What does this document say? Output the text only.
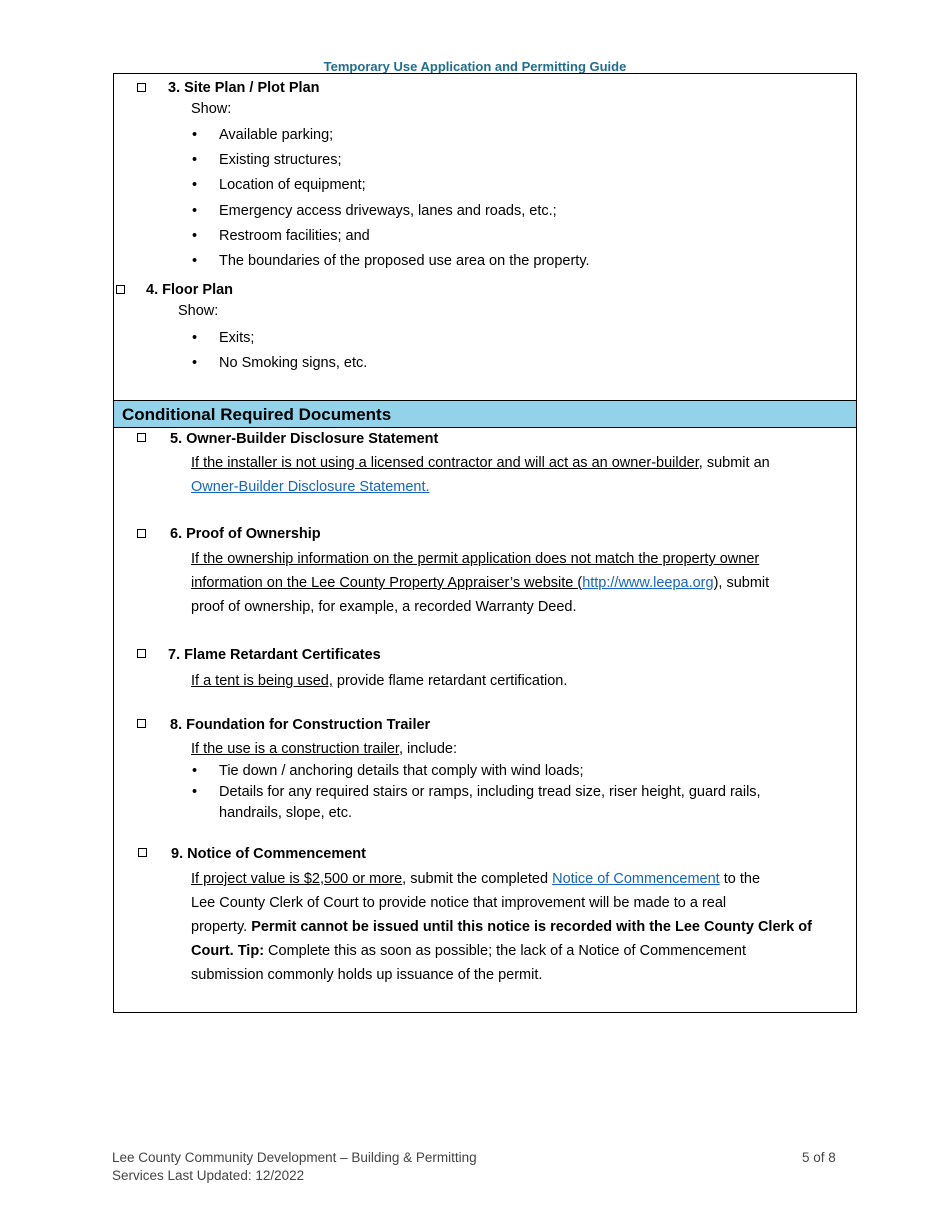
Temporary Use Application and Permitting Guide
3. Site Plan / Plot Plan
Show:
• Available parking;
• Existing structures;
• Location of equipment;
• Emergency access driveways, lanes and roads, etc.;
• Restroom facilities; and
• The boundaries of the proposed use area on the property.
4. Floor Plan
Show:
• Exits;
• No Smoking signs, etc.
Conditional Required Documents
5. Owner-Builder Disclosure Statement
If the installer is not using a licensed contractor and will act as an owner-builder, submit an
Owner-Builder Disclosure Statement.
6. Proof of Ownership
If the ownership information on the permit application does not match the property owner
information on the Lee County Property Appraiser’s website (http://www.leepa.org), submit
proof of ownership, for example, a recorded Warranty Deed.
7. Flame Retardant Certificates
If a tent is being used, provide flame retardant certification.
8. Foundation for Construction Trailer
If the use is a construction trailer, include:
• Tie down / anchoring details that comply with wind loads;
• Details for any required stairs or ramps, including tread size, riser height, guard rails,
handrails, slope, etc.
9. Notice of Commencement
If project value is $2,500 or more, submit the completed Notice of Commencement to the
Lee County Clerk of Court to provide notice that improvement will be made to a real
property. Permit cannot be issued until this notice is recorded with the Lee County Clerk of
Court. Tip: Complete this as soon as possible; the lack of a Notice of Commencement
submission commonly holds up issuance of the permit.
Lee County Community Development – Building & Permitting
Services Last Updated: 12/2022
5 of 8
